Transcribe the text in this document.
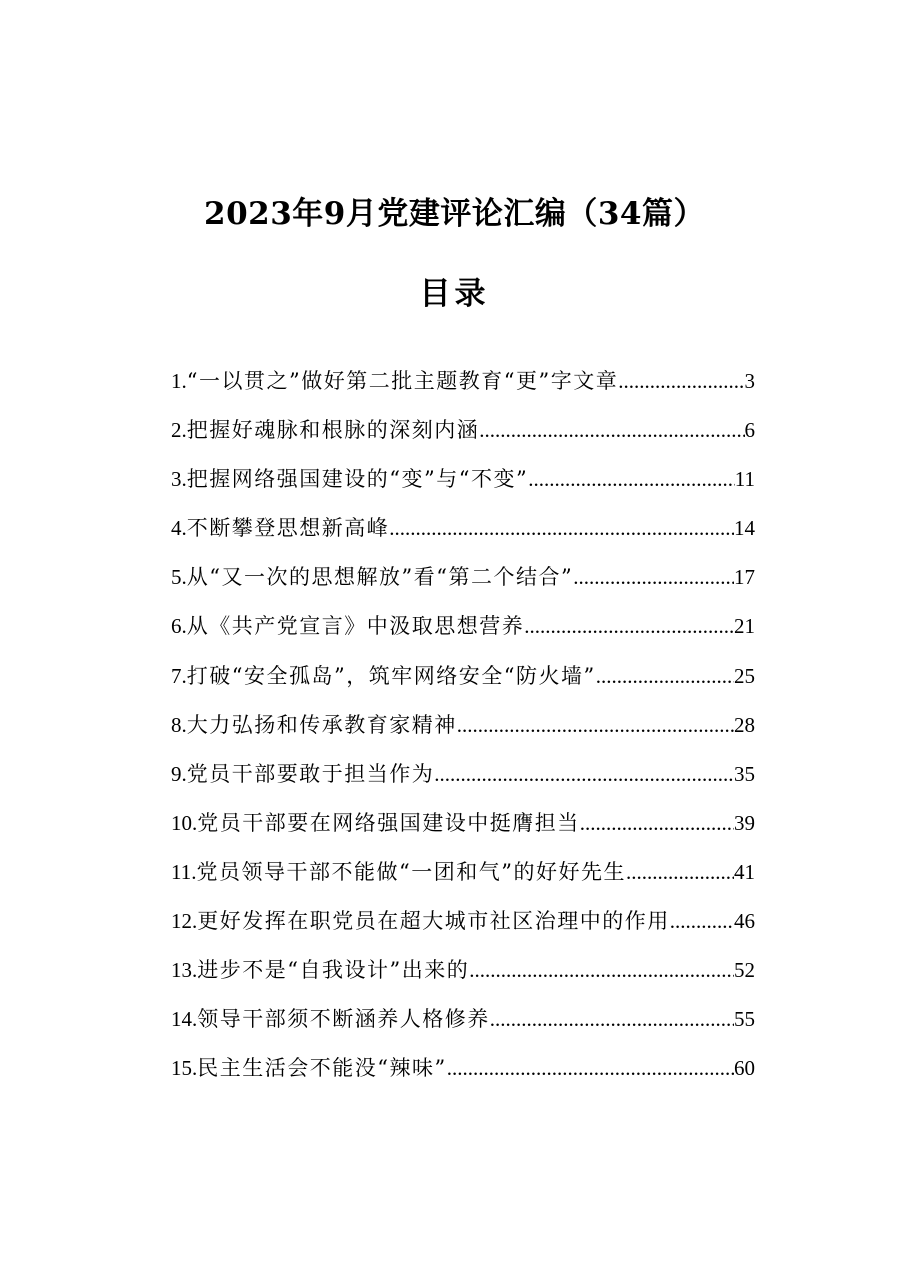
2023年9月党建评论汇编（34篇）
目录
1. “一以贯之”做好第二批主题教育“更”字文章 .....	3
2. 把握好魂脉和根脉的深刻内涵 .....	6
3. 把握网络强国建设的“变”与“不变” .....	11
4. 不断攀登思想新高峰 .....	14
5. 从“又一次的思想解放”看“第二个结合” .....	17
6. 从《共产党宣言》中汲取思想营养 .....	21
7. 打破“安全孤岛”，筑牢网络安全“防火墙” .....	25
8. 大力弘扬和传承教育家精神 .....	28
9. 党员干部要敢于担当作为 .....	35
10. 党员干部要在网络强国建设中挺膺担当 .....	39
11. 党员领导干部不能做“一团和气”的好好先生 .....	41
12. 更好发挥在职党员在超大城市社区治理中的作用 .....	46
13. 进步不是“自我设计”出来的 .....	52
14. 领导干部须不断涵养人格修养 .....	55
15. 民主生活会不能没“辣味” .....	60
